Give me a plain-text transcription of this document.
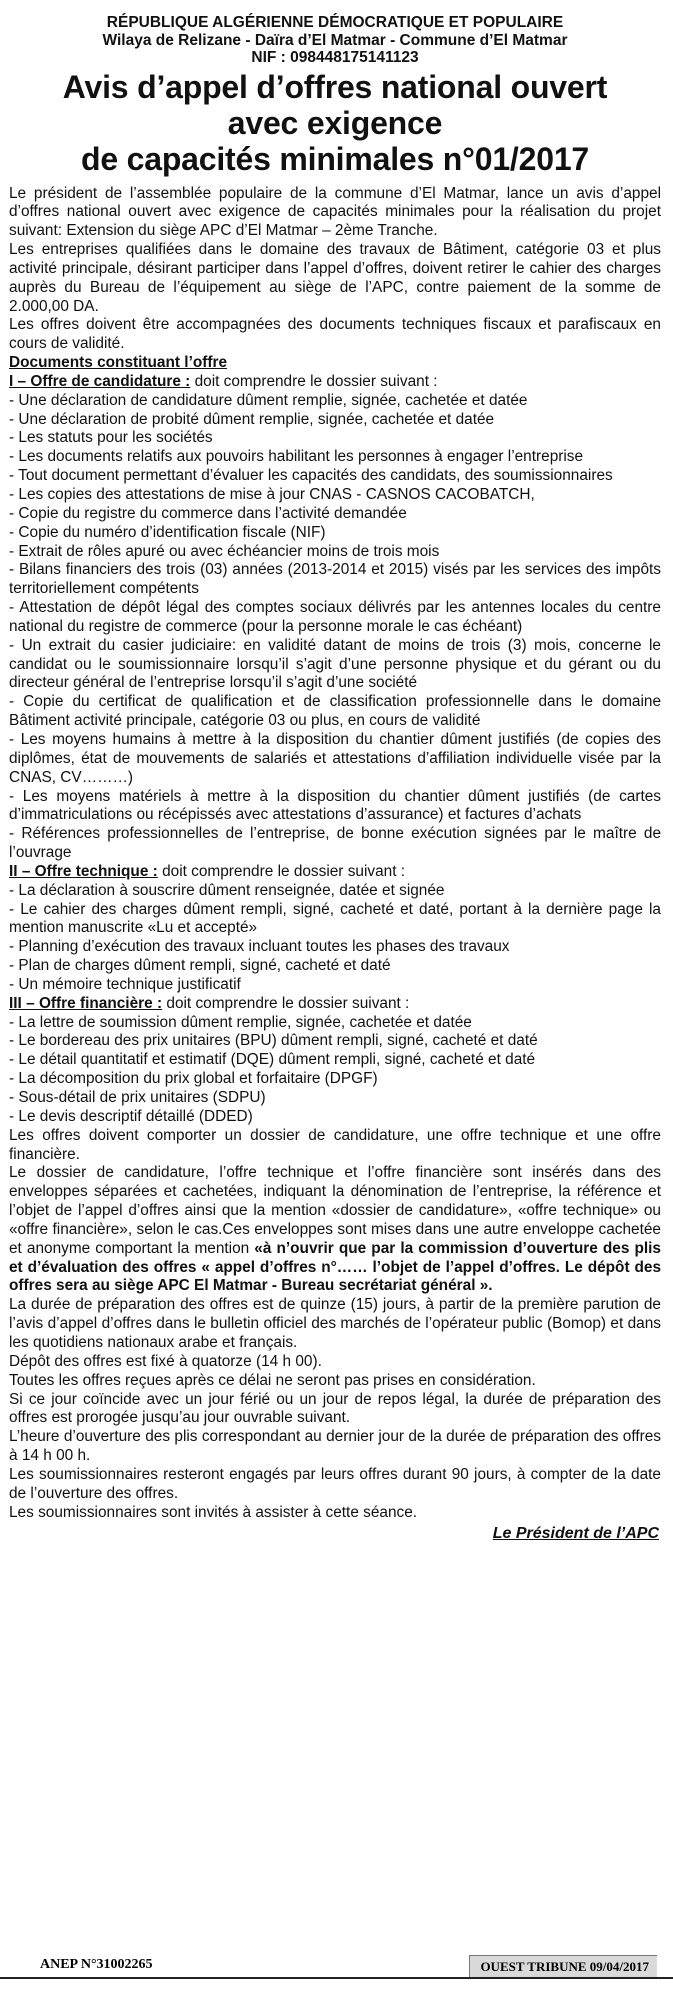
RÉPUBLIQUE ALGÉRIENNE DÉMOCRATIQUE ET POPULAIRE
Wilaya de Relizane - Daïra d’El Matmar - Commune d’El Matmar
NIF : 098448175141123
Avis d’appel d’offres national ouvert
avec exigence
de capacités minimales n°01/2017

Le président de l’assemblée populaire de la commune d’El Matmar, lance un avis d’appel d’offres national ouvert avec exigence de capacités minimales pour la réalisation du projet suivant: Extension du siège APC d’El Matmar – 2ème Tranche.

Les entreprises qualifiées dans le domaine des travaux de Bâtiment, catégorie 03 et plus activité principale, désirant participer dans l’appel d’offres, doivent retirer le cahier des charges auprès du Bureau de l’équipement au siège de l’APC, contre paiement de la somme de 2.000,00 DA.

Les offres doivent être accompagnées des documents techniques fiscaux et parafiscaux en cours de validité.

Documents constituant l’offre

I – Offre de candidature : doit comprendre le dossier suivant :

- Une déclaration de candidature dûment remplie, signée, cachetée et datée

- Une déclaration de probité dûment remplie, signée, cachetée et datée

- Les statuts pour les sociétés

- Les documents relatifs aux pouvoirs habilitant les personnes à engager l’entreprise

- Tout document permettant d’évaluer les capacités des candidats, des soumissionnaires

- Les copies des attestations de mise à jour CNAS - CASNOS CACOBATCH,

- Copie du registre du commerce dans l’activité demandée

- Copie du numéro d’identification fiscale (NIF)

- Extrait de rôles apuré ou avec échéancier moins de trois mois

- Bilans financiers des trois (03) années (2013-2014 et 2015) visés par les services des impôts territoriellement compétents

- Attestation de dépôt légal des comptes sociaux délivrés par les antennes locales du centre national du registre de commerce (pour la personne morale le cas échéant)

- Un extrait du casier judiciaire: en validité datant de moins de trois (3) mois, concerne le candidat ou le soumissionnaire lorsqu’il s’agit d’une personne physique et du gérant ou du directeur général de l’entreprise lorsqu’il s’agit d’une société

- Copie du certificat de qualification et de classification professionnelle dans le domaine Bâtiment activité principale, catégorie 03 ou plus, en cours de validité

- Les moyens humains à mettre à la disposition du chantier dûment justifiés (de copies des diplômes, état de mouvements de salariés et attestations d’affiliation individuelle visée par la CNAS, CV………)

- Les moyens matériels à mettre à la disposition du chantier dûment justifiés (de cartes d’immatriculations ou récépissés avec attestations d’assurance) et factures d’achats

- Références professionnelles de l’entreprise, de bonne exécution signées par le maître de l’ouvrage

II – Offre technique : doit comprendre le dossier suivant :

- La déclaration à souscrire dûment renseignée, datée et signée

- Le cahier des charges dûment rempli, signé, cacheté et daté, portant à la dernière page la mention manuscrite «Lu et accepté»

- Planning d’exécution des travaux incluant toutes les phases des travaux

- Plan de charges dûment rempli, signé, cacheté et daté

- Un mémoire technique justificatif

III – Offre financière : doit comprendre le dossier suivant :

- La lettre de soumission dûment remplie, signée, cachetée et datée

- Le bordereau des prix unitaires (BPU) dûment rempli, signé, cacheté et daté

- Le détail quantitatif et estimatif (DQE) dûment rempli, signé, cacheté et daté

- La décomposition du prix global et forfaitaire (DPGF)

- Sous-détail de prix unitaires (SDPU)

- Le devis descriptif détaillé (DDED)

Les offres doivent comporter un dossier de candidature, une offre technique et une offre financière.

Le dossier de candidature, l’offre technique et l’offre financière sont insérés dans des enveloppes séparées et cachetées, indiquant la dénomination de l’entreprise, la référence et l’objet de l’appel d’offres ainsi que la mention «dossier de candidature», «offre technique» ou «offre financière», selon le cas.Ces enveloppes sont mises dans une autre enveloppe cachetée et anonyme comportant la mention «à n’ouvrir que par la commission d’ouverture des plis et d’évaluation des offres « appel d’offres n°…… l’objet de l’appel d’offres. Le dépôt des offres sera au siège APC El Matmar - Bureau secrétariat général ».

La durée de préparation des offres est de quinze (15) jours, à partir de la première parution de l’avis d’appel d’offres dans le bulletin officiel des marchés de l’opérateur public (Bomop) et dans les quotidiens nationaux arabe et français.

Dépôt des offres est fixé à quatorze (14 h 00).

Toutes les offres reçues après ce délai ne seront pas prises en considération.

Si ce jour coïncide avec un jour férié ou un jour de repos légal, la durée de préparation des offres est prorogée jusqu’au jour ouvrable suivant.

L’heure d’ouverture des plis correspondant au dernier jour de la durée de préparation des offres à 14 h 00 h.

Les soumissionnaires resteront engagés par leurs offres durant 90 jours, à compter de la date de l’ouverture des offres.

Les soumissionnaires sont invités à assister à cette séance.

Le Président de l’APC
ANEP N°31002265	OUEST TRIBUNE 09/04/2017
